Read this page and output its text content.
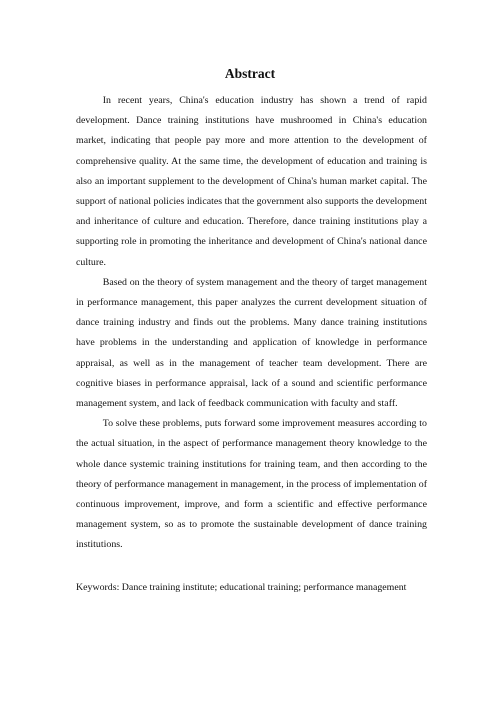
Abstract

In recent years, China's education industry has shown a trend of rapid development. Dance training institutions have mushroomed in China's education market, indicating that people pay more and more attention to the development of comprehensive quality. At the same time, the development of education and training is also an important supplement to the development of China's human market capital. The support of national policies indicates that the government also supports the development and inheritance of culture and education. Therefore, dance training institutions play a supporting role in promoting the inheritance and development of China's national dance culture.

Based on the theory of system management and the theory of target management in performance management, this paper analyzes the current development situation of dance training industry and finds out the problems. Many dance training institutions have problems in the understanding and application of knowledge in performance appraisal, as well as in the management of teacher team development. There are cognitive biases in performance appraisal, lack of a sound and scientific performance management system, and lack of feedback communication with faculty and staff.

To solve these problems, puts forward some improvement measures according to the actual situation, in the aspect of performance management theory knowledge to the whole dance systemic training institutions for training team, and then according to the theory of performance management in management, in the process of implementation of continuous improvement, improve, and form a scientific and effective performance management system, so as to promote the sustainable development of dance training institutions.

Keywords: Dance training institute; educational training; performance management
